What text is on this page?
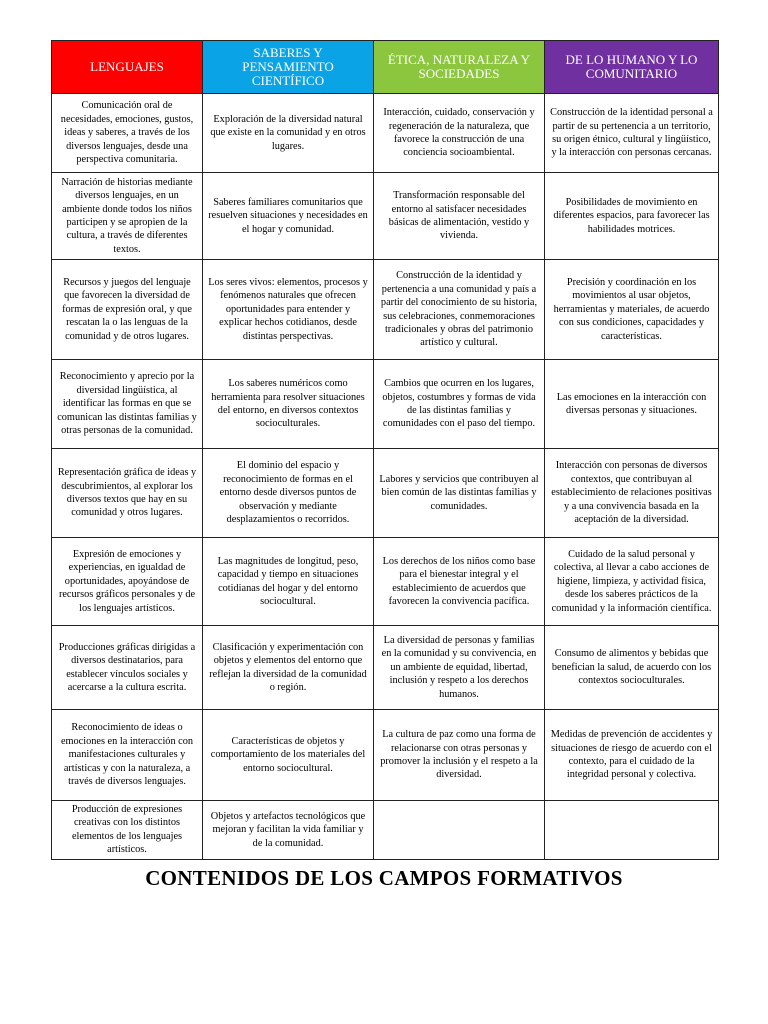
LENGUAJES	SABERES Y PENSAMIENTO CIENTÍFICO	ÉTICA, NATURALEZA Y SOCIEDADES	DE LO HUMANO Y LO COMUNITARIO

Comunicación oral de necesidades, emociones, gustos, ideas y saberes, a través de los diversos lenguajes, desde una perspectiva comunitaria.	Exploración de la diversidad natural que existe en la comunidad y en otros lugares.	Interacción, cuidado, conservación y regeneración de la naturaleza, que favorece la construcción de una conciencia socioambiental.	Construcción de la identidad personal a partir de su pertenencia a un territorio, su origen étnico, cultural y lingüístico, y la interacción con personas cercanas.
Narración de historias mediante diversos lenguajes, en un ambiente donde todos los niños participen y se apropien de la cultura, a través de diferentes textos.	Saberes familiares comunitarios que resuelven situaciones y necesidades en el hogar y comunidad.	Transformación responsable del entorno al satisfacer necesidades básicas de alimentación, vestido y vivienda.	Posibilidades de movimiento en diferentes espacios, para favorecer las habilidades motrices.
Recursos y juegos del lenguaje que favorecen la diversidad de formas de expresión oral, y que rescatan la o las lenguas de la comunidad y de otros lugares.	Los seres vivos: elementos, procesos y fenómenos naturales que ofrecen oportunidades para entender y explicar hechos cotidianos, desde distintas perspectivas.	Construcción de la identidad y pertenencia a una comunidad y país a partir del conocimiento de su historia, sus celebraciones, conmemoraciones tradicionales y obras del patrimonio artístico y cultural.	Precisión y coordinación en los movimientos al usar objetos, herramientas y materiales, de acuerdo con sus condiciones, capacidades y características.
Reconocimiento y aprecio por la diversidad lingüística, al identificar las formas en que se comunican las distintas familias y otras personas de la comunidad.	Los saberes numéricos como herramienta para resolver situaciones del entorno, en diversos contextos socioculturales.	Cambios que ocurren en los lugares, objetos, costumbres y formas de vida de las distintas familias y comunidades con el paso del tiempo.	Las emociones en la interacción con diversas personas y situaciones.
Representación gráfica de ideas y descubrimientos, al explorar los diversos textos que hay en su comunidad y otros lugares.	El dominio del espacio y reconocimiento de formas en el entorno desde diversos puntos de observación y mediante desplazamientos o recorridos.	Labores y servicios que contribuyen al bien común de las distintas familias y comunidades.	Interacción con personas de diversos contextos, que contribuyan al establecimiento de relaciones positivas y a una convivencia basada en la aceptación de la diversidad.
Expresión de emociones y experiencias, en igualdad de oportunidades, apoyándose de recursos gráficos personales y de los lenguajes artísticos.	Las magnitudes de longitud, peso, capacidad y tiempo en situaciones cotidianas del hogar y del entorno sociocultural.	Los derechos de los niños como base para el bienestar integral y el establecimiento de acuerdos que favorecen la convivencia pacífica.	Cuidado de la salud personal y colectiva, al llevar a cabo acciones de higiene, limpieza, y actividad física, desde los saberes prácticos de la comunidad y la información científica.
Producciones gráficas dirigidas a diversos destinatarios, para establecer vínculos sociales y acercarse a la cultura escrita.	Clasificación y experimentación con objetos y elementos del entorno que reflejan la diversidad de la comunidad o región.	La diversidad de personas y familias en la comunidad y su convivencia, en un ambiente de equidad, libertad, inclusión y respeto a los derechos humanos.	Consumo de alimentos y bebidas que benefician la salud, de acuerdo con los contextos socioculturales.
Reconocimiento de ideas o emociones en la interacción con manifestaciones culturales y artísticas y con la naturaleza, a través de diversos lenguajes.	Características de objetos y comportamiento de los materiales del entorno sociocultural.	La cultura de paz como una forma de relacionarse con otras personas y promover la inclusión y el respeto a la diversidad.	Medidas de prevención de accidentes y situaciones de riesgo de acuerdo con el contexto, para el cuidado de la integridad personal y colectiva.
Producción de expresiones creativas con los distintos elementos de los lenguajes artísticos.	Objetos y artefactos tecnológicos que mejoran y facilitan la vida familiar y de la comunidad.		
CONTENIDOS DE LOS CAMPOS FORMATIVOS
